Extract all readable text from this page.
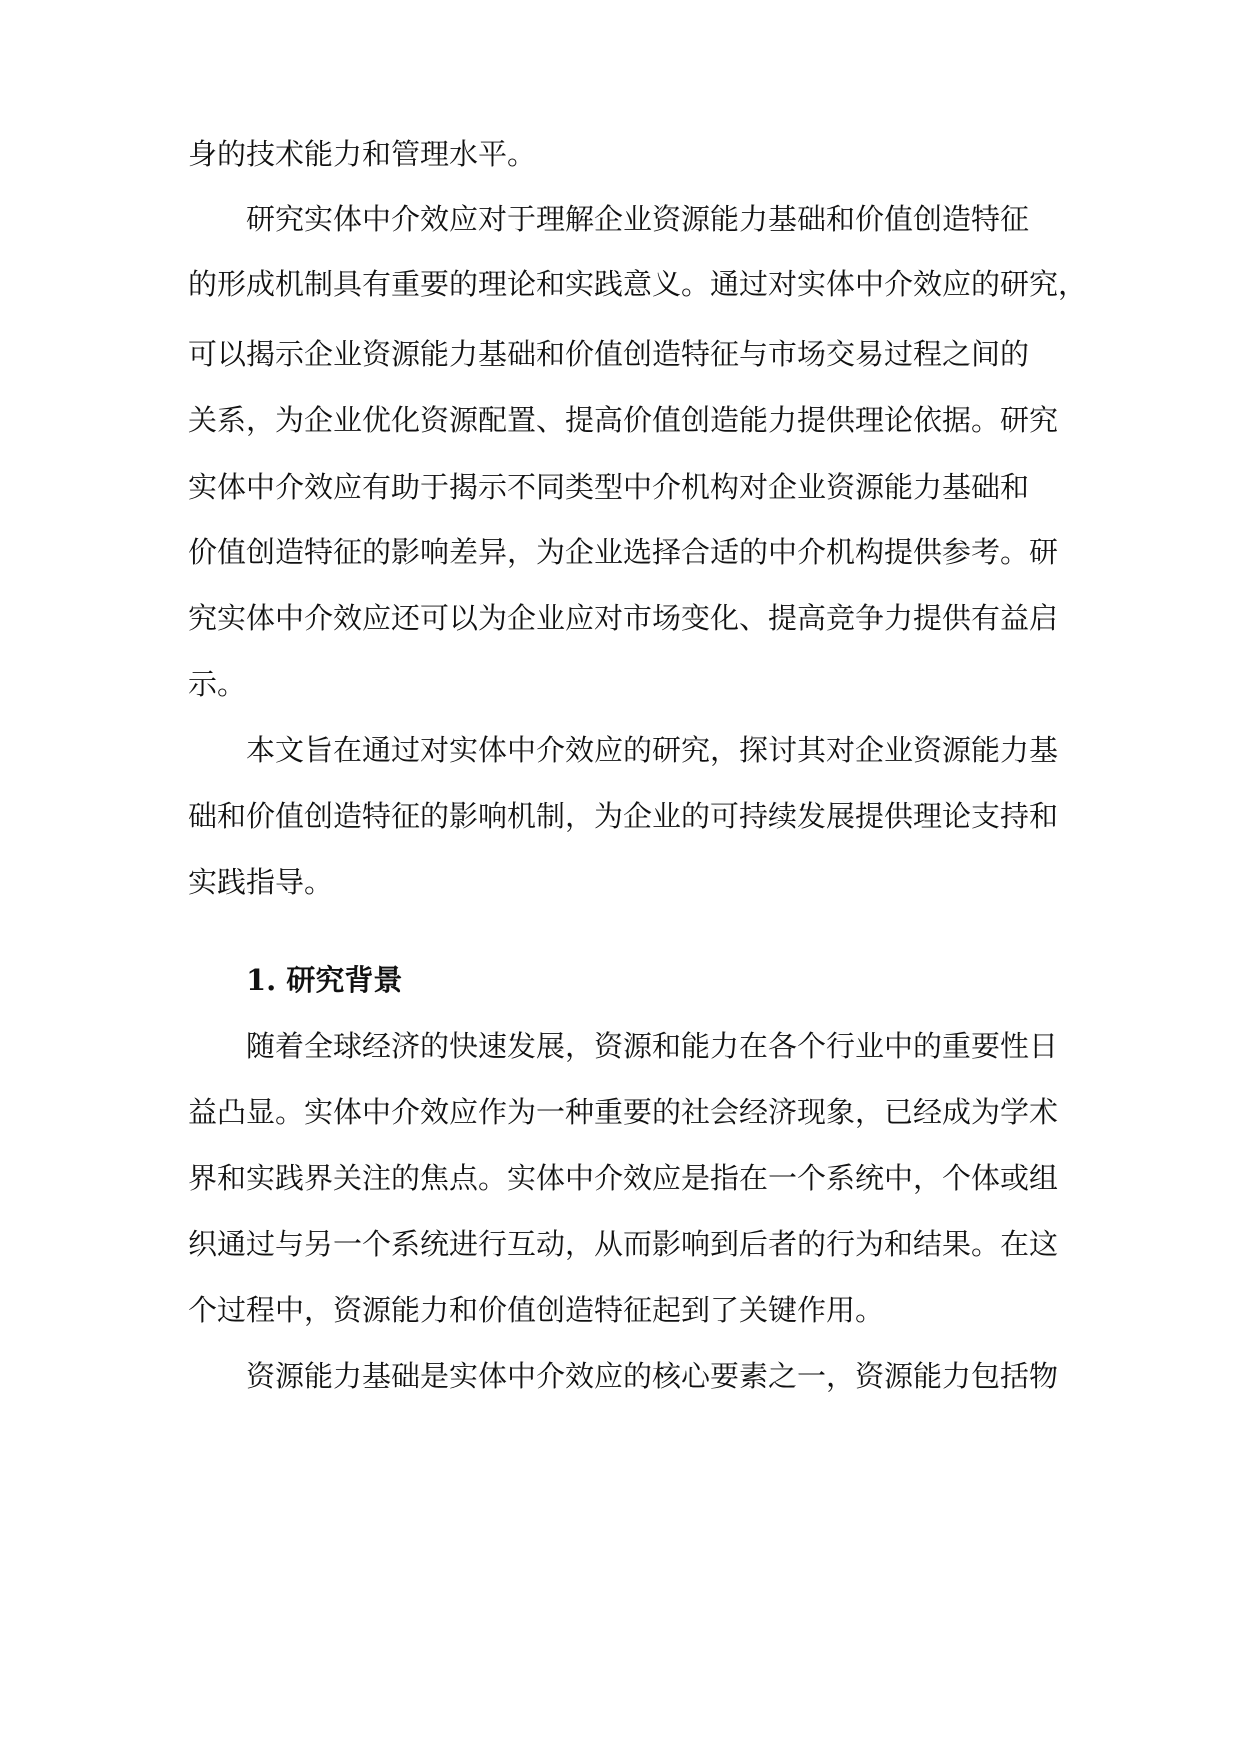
身的技术能力和管理水平。
研究实体中介效应对于理解企业资源能力基础和价值创造特征
的形成机制具有重要的理论和实践意义。通过对实体中介效应的研究，
可以揭示企业资源能力基础和价值创造特征与市场交易过程之间的
关系，为企业优化资源配置、提高价值创造能力提供理论依据。研究
实体中介效应有助于揭示不同类型中介机构对企业资源能力基础和
价值创造特征的影响差异，为企业选择合适的中介机构提供参考。研
究实体中介效应还可以为企业应对市场变化、提高竞争力提供有益启
示。
本文旨在通过对实体中介效应的研究，探讨其对企业资源能力基
础和价值创造特征的影响机制，为企业的可持续发展提供理论支持和
实践指导。
1. 研究背景
随着全球经济的快速发展，资源和能力在各个行业中的重要性日
益凸显。实体中介效应作为一种重要的社会经济现象，已经成为学术
界和实践界关注的焦点。实体中介效应是指在一个系统中，个体或组
织通过与另一个系统进行互动，从而影响到后者的行为和结果。在这
个过程中，资源能力和价值创造特征起到了关键作用。
资源能力基础是实体中介效应的核心要素之一，资源能力包括物
